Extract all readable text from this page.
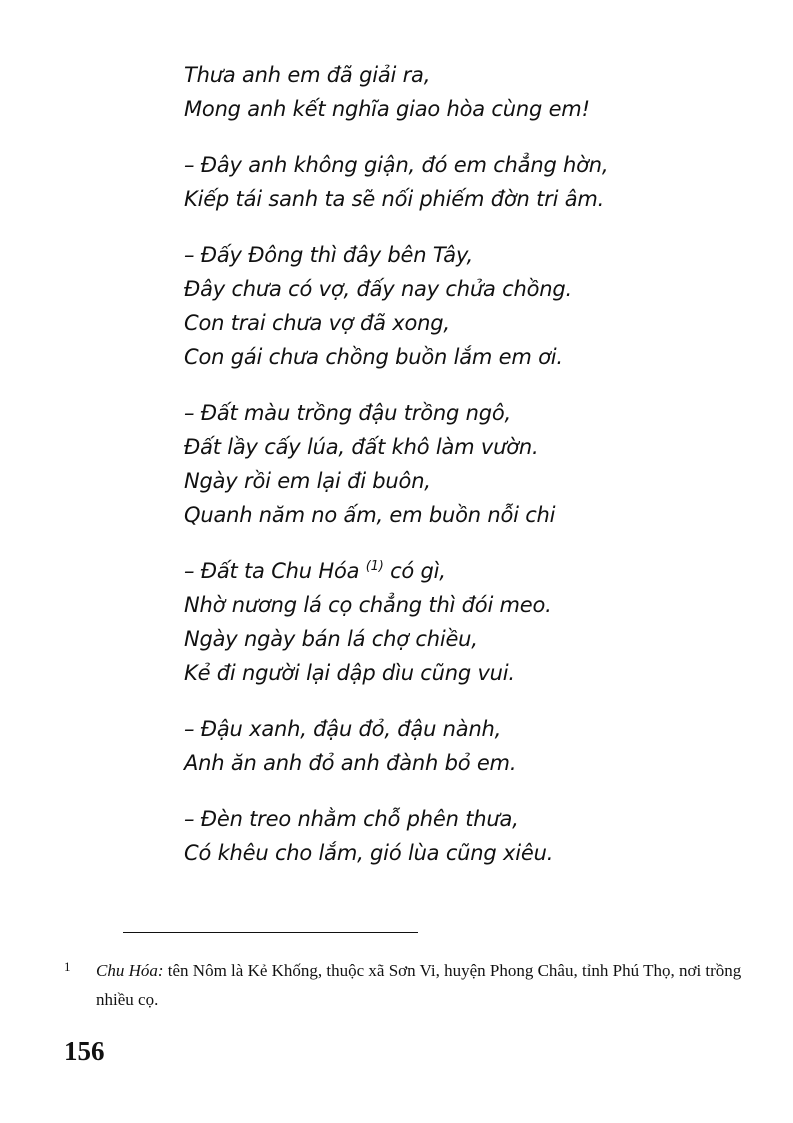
Thưa anh em đã giải ra,
Mong anh kết nghĩa giao hòa cùng em!
– Đây anh không giận, đó em chẳng hờn,
Kiếp tái sanh ta sẽ nối phiếm đờn tri âm.
– Đấy Đông thì đây bên Tây,
Đây chưa có vợ, đấy nay chửa chồng.
Con trai chưa vợ đã xong,
Con gái chưa chồng buồn lắm em ơi.
– Đất màu trồng đậu trồng ngô,
Đất lầy cấy lúa, đất khô làm vườn.
Ngày rồi em lại đi buôn,
Quanh năm no ấm, em buồn nỗi chi
– Đất ta Chu Hóa $^{(1)}$ có gì,
Nhờ nương lá cọ chẳng thì đói meo.
Ngày ngày bán lá chợ chiều,
Kẻ đi người lại dập dìu cũng vui.
– Đậu xanh, đậu đỏ, đậu nành,
Anh ăn anh đỏ anh đành bỏ em.
– Đèn treo nhằm chỗ phên thưa,
Có khêu cho lắm, gió lùa cũng xiêu.
1 Chu Hóa: tên Nôm là Kẻ Khống, thuộc xã Sơn Vi, huyện Phong Châu, tỉnh Phú Thọ, nơi trồng nhiều cọ.
156
